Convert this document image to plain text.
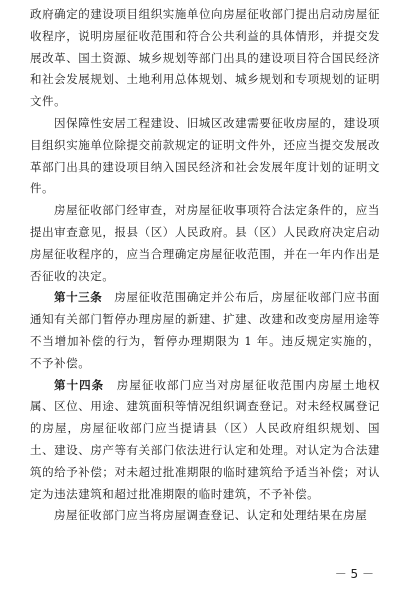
政府确定的建设项目组织实施单位向房屋征收部门提出启动房屋征收程序，说明房屋征收范围和符合公共利益的具体情形，并提交发展改革、国土资源、城乡规划等部门出具的建设项目符合国民经济和社会发展规划、土地利用总体规划、城乡规划和专项规划的证明文件。

因保障性安居工程建设、旧城区改建需要征收房屋的，建设项目组织实施单位除提交前款规定的证明文件外，还应当提交发展改革部门出具的建设项目纳入国民经济和社会发展年度计划的证明文件。

房屋征收部门经审查，对房屋征收事项符合法定条件的，应当提出审查意见，报县（区）人民政府。县（区）人民政府决定启动房屋征收程序的，应当合理确定房屋征收范围，并在一年内作出是否征收的决定。

第十三条　房屋征收范围确定并公布后，房屋征收部门应书面通知有关部门暂停办理房屋的新建、扩建、改建和改变房屋用途等不当增加补偿的行为，暂停办理期限为 1 年。违反规定实施的，不予补偿。

第十四条　房屋征收部门应当对房屋征收范围内房屋土地权属、区位、用途、建筑面积等情况组织调查登记。对未经权属登记的房屋，房屋征收部门应当提请县（区）人民政府组织规划、国土、建设、房产等有关部门依法进行认定和处理。对认定为合法建筑的给予补偿；对未超过批准期限的临时建筑给予适当补偿；对认定为违法建筑和超过批准期限的临时建筑，不予补偿。

房屋征收部门应当将房屋调查登记、认定和处理结果在房屋

－ 5 －
